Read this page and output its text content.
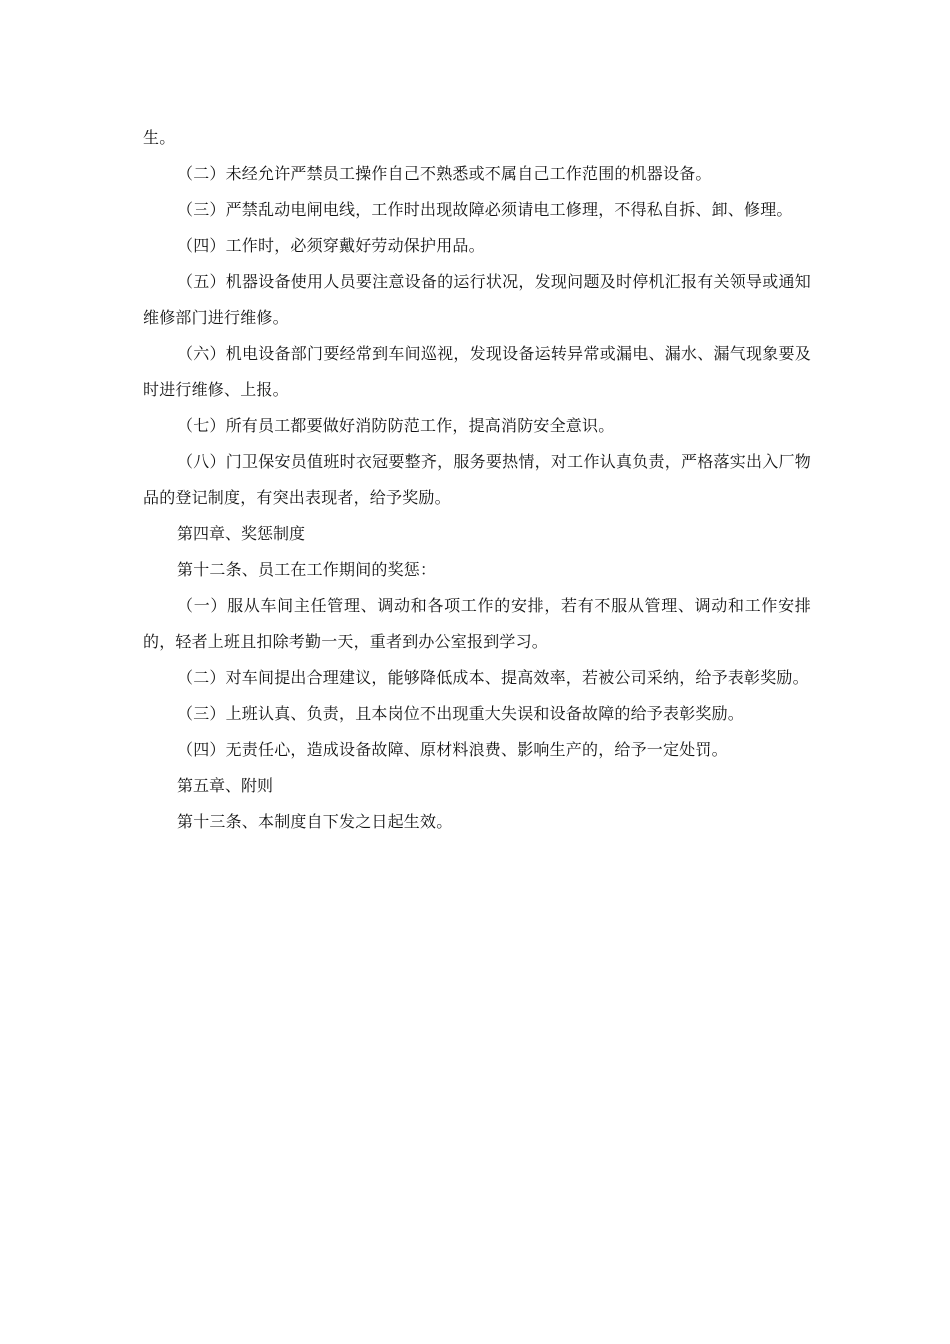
生。

（二）未经允许严禁员工操作自己不熟悉或不属自己工作范围的机器设备。

（三）严禁乱动电闸电线，工作时出现故障必须请电工修理，不得私自拆、卸、修理。

（四）工作时，必须穿戴好劳动保护用品。

（五）机器设备使用人员要注意设备的运行状况，发现问题及时停机汇报有关领导或通知维修部门进行维修。

（六）机电设备部门要经常到车间巡视，发现设备运转异常或漏电、漏水、漏气现象要及时进行维修、上报。

（七）所有员工都要做好消防防范工作，提高消防安全意识。

（八）门卫保安员值班时衣冠要整齐，服务要热情，对工作认真负责，严格落实出入厂物品的登记制度，有突出表现者，给予奖励。

第四章、奖惩制度

第十二条、员工在工作期间的奖惩：

（一）服从车间主任管理、调动和各项工作的安排，若有不服从管理、调动和工作安排的，轻者上班且扣除考勤一天，重者到办公室报到学习。

（二）对车间提出合理建议，能够降低成本、提高效率，若被公司采纳，给予表彰奖励。

（三）上班认真、负责，且本岗位不出现重大失误和设备故障的给予表彰奖励。

（四）无责任心，造成设备故障、原材料浪费、影响生产的，给予一定处罚。

第五章、附则

第十三条、本制度自下发之日起生效。
